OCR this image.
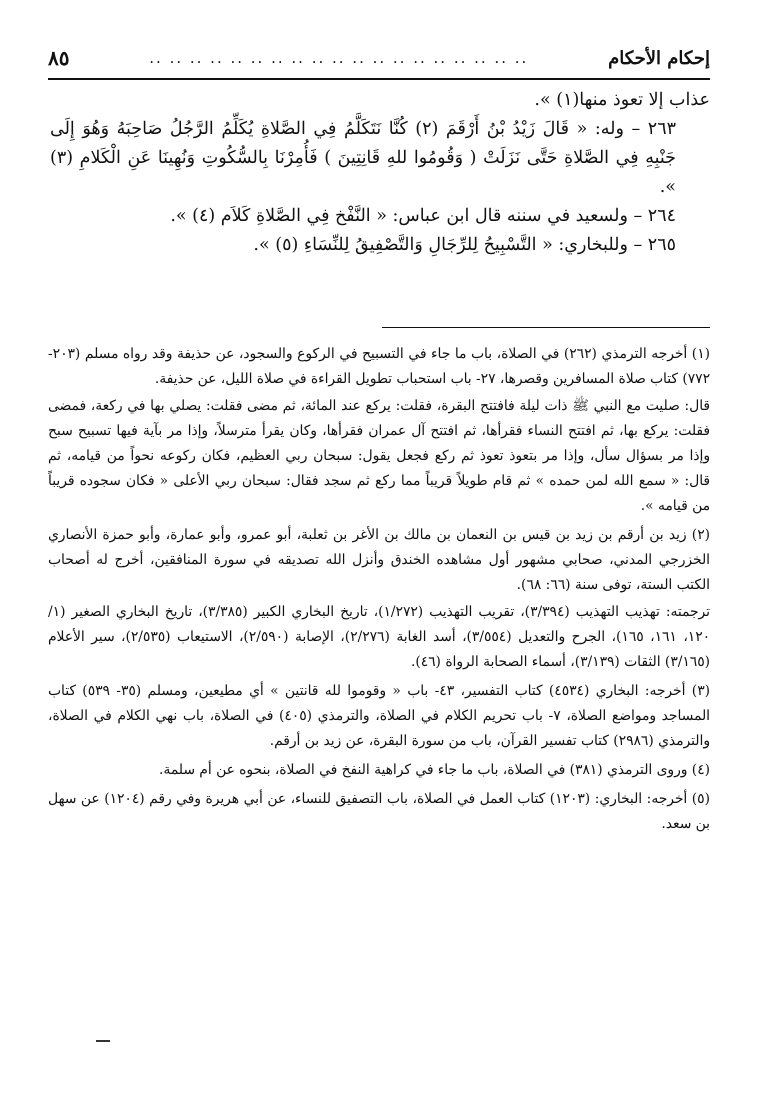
إحكام الأحكام
.. .. .. .. .. .. .. .. .. .. .. .. .. .. .. .. .. .. ..
٨٥

عذاب إلا تعوذ منها(١) ».

٢٦٣ – وله: « قَالَ زَيْدُ بْنُ أَرْقَمَ (٢) كُنَّا نَتَكَلَّمُ فِي الصَّلاةِ يُكَلِّمُ الرَّجُلُ صَاحِبَهُ وَهُوَ إِلَى جَنْبِهِ فِي الصَّلاةِ حَتَّى نَزَلَتْ ( وَقُومُوا للهِ قَانِتِينَ ) فَأُمِرْنَا بِالسُّكُوتِ وَنُهِينَا عَنِ الْكَلامِ (٣) ».

٢٦٤ – ولسعيد في سننه قال ابن عباس: « النَّفْخ فِي الصَّلاةِ كَلاَم (٤) ».

٢٦٥ – وللبخاري: « التَّسْبِيحُ لِلرِّجَالِ وَالتَّصْفِيقُ لِلنِّسَاءِ (٥) ».

(١) أخرجه الترمذي (٢٦٢) في الصلاة، باب ما جاء في التسبيح في الركوع والسجود، عن حذيفة وقد رواه مسلم (٢٠٣- ٧٧٢) كتاب صلاة المسافرين وقصرها، ٢٧- باب استحباب تطويل القراءة في صلاة الليل، عن حذيفة.

قال: صليت مع النبي ﷺ ذات ليلة فافتتح البقرة، فقلت: يركع عند المائة، ثم مضى فقلت: يصلي بها في ركعة، فمضى فقلت: يركع بها، ثم افتتح النساء فقرأها، ثم افتتح آل عمران فقرأها، وكان يقرأ مترسلاً، وإذا مر بآية فيها تسبيح سبح وإذا مر بسؤال سأل، وإذا مر بتعوذ تعوذ ثم ركع فجعل يقول: سبحان ربي العظيم، فكان ركوعه نحواً من قيامه، ثم قال: « سمع الله لمن حمده » ثم قام طويلاً قريباً مما ركع ثم سجد فقال: سبحان ربي الأعلى « فكان سجوده قريباً من قيامه ».

(٢) زيد بن أرقم بن زيد بن قيس بن النعمان بن مالك بن الأغر بن ثعلبة، أبو عمرو، وأبو عمارة، وأبو حمزة الأنصاري الخزرجي المدني، صحابي مشهور أول مشاهده الخندق وأنزل الله تصديقه في سورة المنافقين، أخرج له أصحاب الكتب الستة، توفى سنة (٦٦: ٦٨).

ترجمته: تهذيب التهذيب (٣/٣٩٤)، تقريب التهذيب (١/٢٧٢)، تاريخ البخاري الكبير (٣/٣٨٥)، تاريخ البخاري الصغير (١/ ١٢٠، ١٦١، ١٦٥)، الجرح والتعديل (٣/٥٥٤)، أسد الغابة (٢/٢٧٦)، الإصابة (٢/٥٩٠)، الاستيعاب (٢/٥٣٥)، سير الأعلام (٣/١٦٥) الثقات (٣/١٣٩)، أسماء الصحابة الرواة (٤٦).

(٣) أخرجه: البخاري (٤٥٣٤) كتاب التفسير، ٤٣- باب « وقوموا لله قانتين » أي مطيعين، ومسلم (٣٥- ٥٣٩) كتاب المساجد ومواضع الصلاة، ٧- باب تحريم الكلام في الصلاة، والترمذي (٤٠٥) في الصلاة، باب نهي الكلام في الصلاة، والترمذي (٢٩٨٦) كتاب تفسير القرآن، باب من سورة البقرة، عن زيد بن أرقم.

(٤) وروى الترمذي (٣٨١) في الصلاة، باب ما جاء في كراهية النفخ في الصلاة، بنحوه عن أم سلمة.

(٥) أخرجه: البخاري: (١٢٠٣) كتاب العمل في الصلاة، باب التصفيق للنساء، عن أبي هريرة وفي رقم (١٢٠٤) عن سهل بن سعد.
